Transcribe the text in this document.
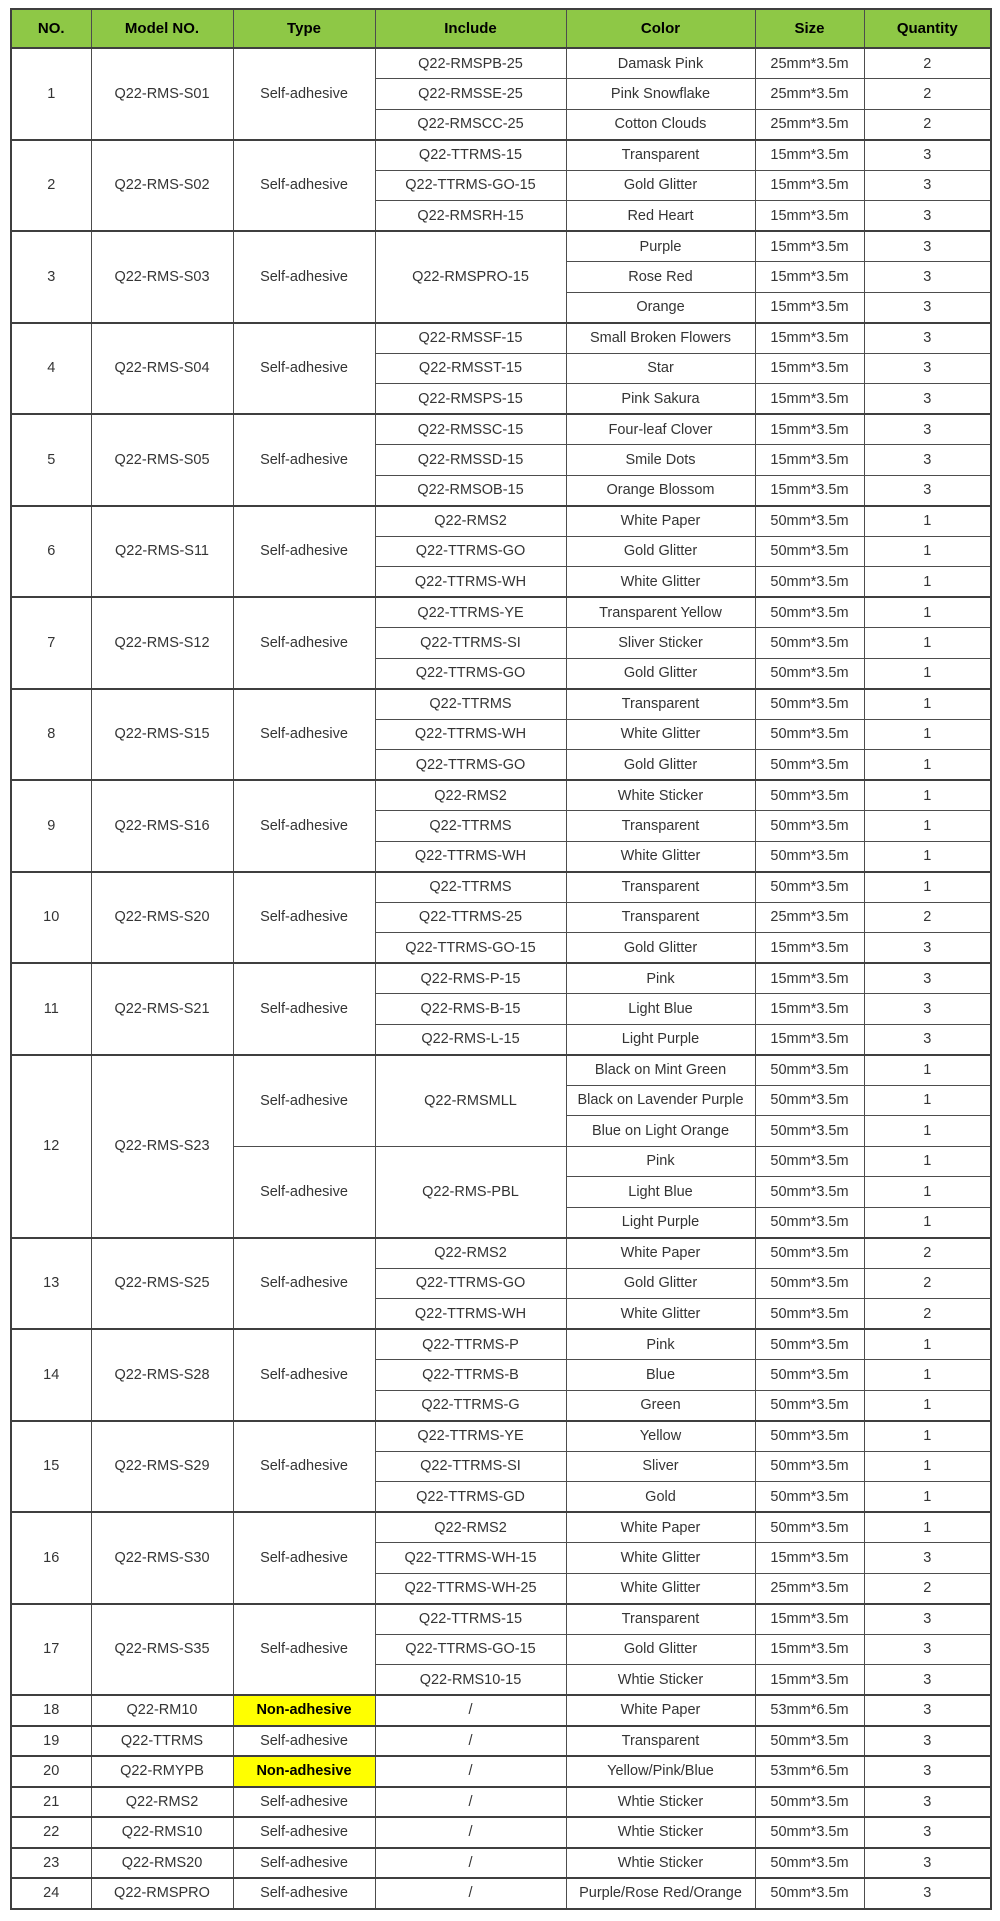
NO.	Model NO.	Type	Include	Color	Size	Quantity
1	Q22-RMS-S01	Self-adhesive	Q22-RMSPB-25	Damask Pink	25mm*3.5m	2
			Q22-RMSSE-25	Pink Snowflake	25mm*3.5m	2
			Q22-RMSCC-25	Cotton Clouds	25mm*3.5m	2
2	Q22-RMS-S02	Self-adhesive	Q22-TTRMS-15	Transparent	15mm*3.5m	3
			Q22-TTRMS-GO-15	Gold Glitter	15mm*3.5m	3
			Q22-RMSRH-15	Red Heart	15mm*3.5m	3
3	Q22-RMS-S03	Self-adhesive	Q22-RMSPRO-15	Purple	15mm*3.5m	3
				Rose Red	15mm*3.5m	3
				Orange	15mm*3.5m	3
4	Q22-RMS-S04	Self-adhesive	Q22-RMSSF-15	Small Broken Flowers	15mm*3.5m	3
			Q22-RMSST-15	Star	15mm*3.5m	3
			Q22-RMSPS-15	Pink Sakura	15mm*3.5m	3
5	Q22-RMS-S05	Self-adhesive	Q22-RMSSC-15	Four-leaf Clover	15mm*3.5m	3
			Q22-RMSSD-15	Smile Dots	15mm*3.5m	3
			Q22-RMSOB-15	Orange Blossom	15mm*3.5m	3
6	Q22-RMS-S11	Self-adhesive	Q22-RMS2	White Paper	50mm*3.5m	1
			Q22-TTRMS-GO	Gold Glitter	50mm*3.5m	1
			Q22-TTRMS-WH	White Glitter	50mm*3.5m	1
7	Q22-RMS-S12	Self-adhesive	Q22-TTRMS-YE	Transparent Yellow	50mm*3.5m	1
			Q22-TTRMS-SI	Sliver Sticker	50mm*3.5m	1
			Q22-TTRMS-GO	Gold Glitter	50mm*3.5m	1
8	Q22-RMS-S15	Self-adhesive	Q22-TTRMS	Transparent	50mm*3.5m	1
			Q22-TTRMS-WH	White Glitter	50mm*3.5m	1
			Q22-TTRMS-GO	Gold Glitter	50mm*3.5m	1
9	Q22-RMS-S16	Self-adhesive	Q22-RMS2	White Sticker	50mm*3.5m	1
			Q22-TTRMS	Transparent	50mm*3.5m	1
			Q22-TTRMS-WH	White Glitter	50mm*3.5m	1
10	Q22-RMS-S20	Self-adhesive	Q22-TTRMS	Transparent	50mm*3.5m	1
			Q22-TTRMS-25	Transparent	25mm*3.5m	2
			Q22-TTRMS-GO-15	Gold Glitter	15mm*3.5m	3
11	Q22-RMS-S21	Self-adhesive	Q22-RMS-P-15	Pink	15mm*3.5m	3
			Q22-RMS-B-15	Light Blue	15mm*3.5m	3
			Q22-RMS-L-15	Light Purple	15mm*3.5m	3
12	Q22-RMS-S23	Self-adhesive	Q22-RMSMLL	Black on Mint Green	50mm*3.5m	1
				Black on Lavender Purple	50mm*3.5m	1
				Blue on Light Orange	50mm*3.5m	1
		Self-adhesive	Q22-RMS-PBL	Pink	50mm*3.5m	1
				Light Blue	50mm*3.5m	1
				Light Purple	50mm*3.5m	1
13	Q22-RMS-S25	Self-adhesive	Q22-RMS2	White Paper	50mm*3.5m	2
			Q22-TTRMS-GO	Gold Glitter	50mm*3.5m	2
			Q22-TTRMS-WH	White Glitter	50mm*3.5m	2
14	Q22-RMS-S28	Self-adhesive	Q22-TTRMS-P	Pink	50mm*3.5m	1
			Q22-TTRMS-B	Blue	50mm*3.5m	1
			Q22-TTRMS-G	Green	50mm*3.5m	1
15	Q22-RMS-S29	Self-adhesive	Q22-TTRMS-YE	Yellow	50mm*3.5m	1
			Q22-TTRMS-SI	Sliver	50mm*3.5m	1
			Q22-TTRMS-GD	Gold	50mm*3.5m	1
16	Q22-RMS-S30	Self-adhesive	Q22-RMS2	White Paper	50mm*3.5m	1
			Q22-TTRMS-WH-15	White Glitter	15mm*3.5m	3
			Q22-TTRMS-WH-25	White Glitter	25mm*3.5m	2
17	Q22-RMS-S35	Self-adhesive	Q22-TTRMS-15	Transparent	15mm*3.5m	3
			Q22-TTRMS-GO-15	Gold Glitter	15mm*3.5m	3
			Q22-RMS10-15	Whtie Sticker	15mm*3.5m	3
18	Q22-RM10	Non-adhesive	/	White Paper	53mm*6.5m	3
19	Q22-TTRMS	Self-adhesive	/	Transparent	50mm*3.5m	3
20	Q22-RMYPB	Non-adhesive	/	Yellow/Pink/Blue	53mm*6.5m	3
21	Q22-RMS2	Self-adhesive	/	Whtie Sticker	50mm*3.5m	3
22	Q22-RMS10	Self-adhesive	/	Whtie Sticker	50mm*3.5m	3
23	Q22-RMS20	Self-adhesive	/	Whtie Sticker	50mm*3.5m	3
24	Q22-RMSPRO	Self-adhesive	/	Purple/Rose Red/Orange	50mm*3.5m	3
